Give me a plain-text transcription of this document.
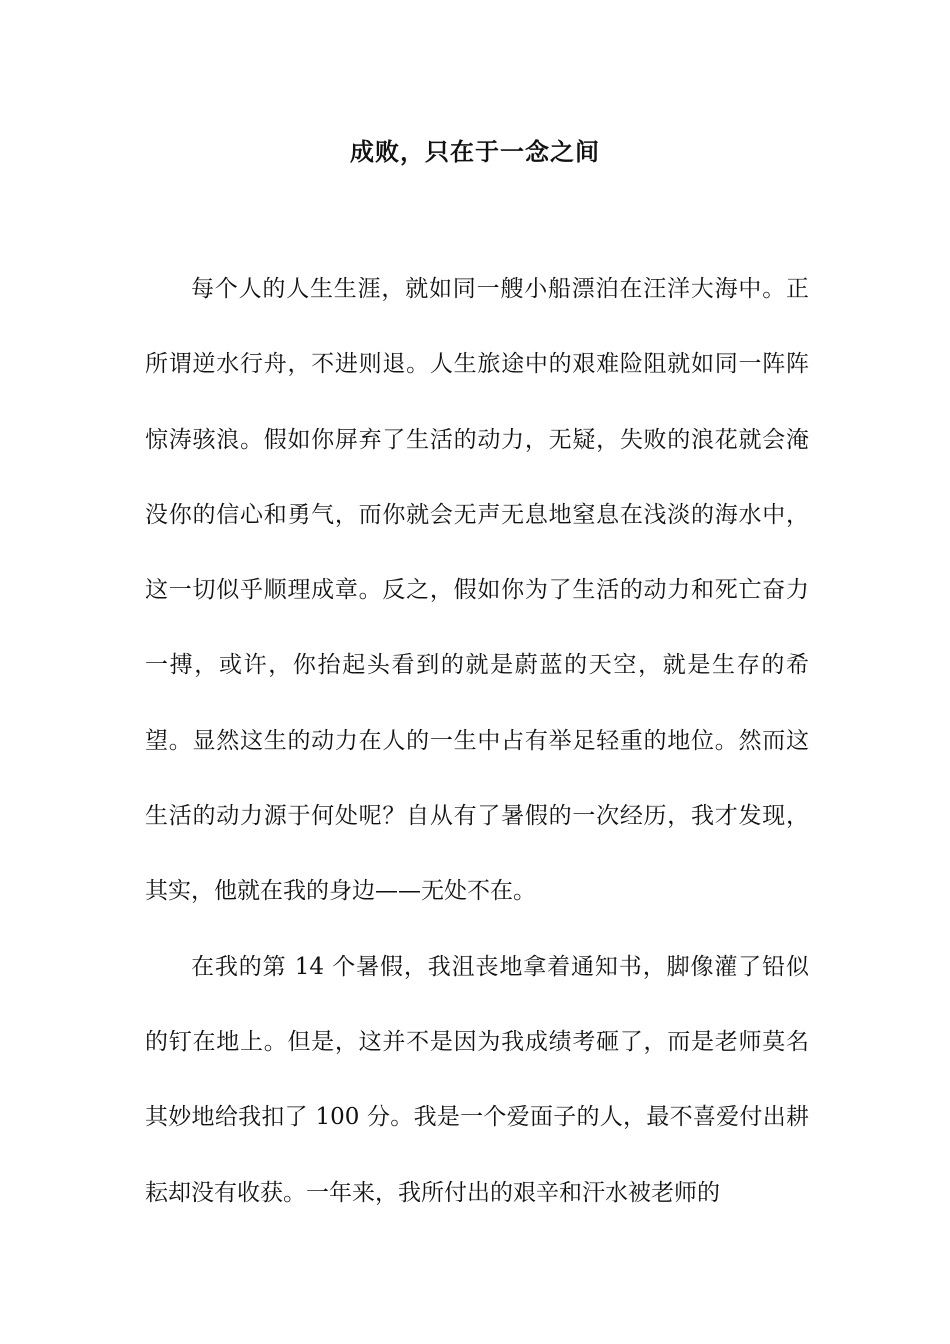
成败，只在于一念之间

每个人的人生生涯，就如同一艘小船漂泊在汪洋大海中。正所谓逆水行舟，不进则退。人生旅途中的艰难险阻就如同一阵阵惊涛骇浪。假如你屏弃了生活的动力，无疑，失败的浪花就会淹没你的信心和勇气，而你就会无声无息地窒息在浅淡的海水中，这一切似乎顺理成章。反之，假如你为了生活的动力和死亡奋力一搏，或许，你抬起头看到的就是蔚蓝的天空，就是生存的希望。显然这生的动力在人的一生中占有举足轻重的地位。然而这生活的动力源于何处呢？自从有了暑假的一次经历，我才发现，其实，他就在我的身边——无处不在。

在我的第 14 个暑假，我沮丧地拿着通知书，脚像灌了铅似的钉在地上。但是，这并不是因为我成绩考砸了，而是老师莫名其妙地给我扣了 100 分。我是一个爱面子的人，最不喜爱付出耕耘却没有收获。一年来，我所付出的艰辛和汗水被老师的
